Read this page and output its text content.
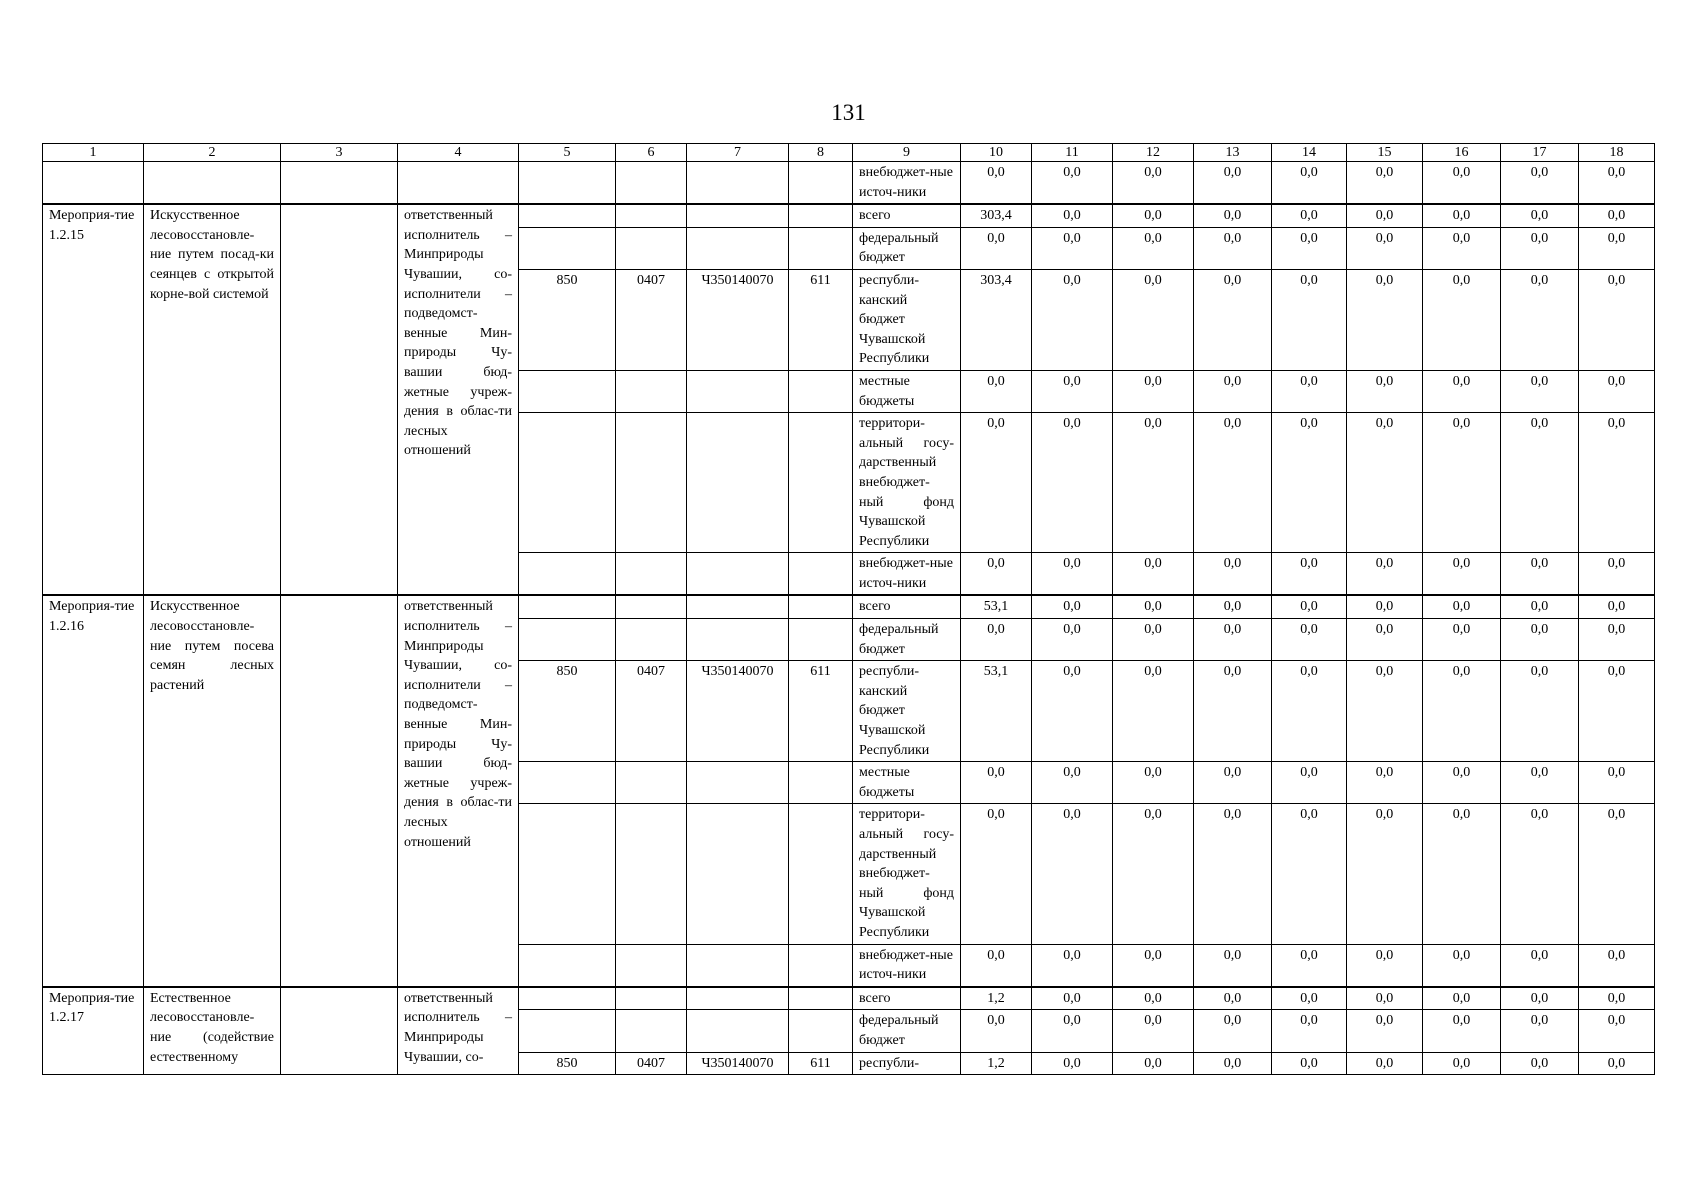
131
1	2	3	4	5	6	7	8	9	10	11	12	13	14	15	16	17	18
								внебюджет-ные источ-ники	0,0	0,0	0,0	0,0	0,0	0,0	0,0	0,0	0,0
Мероприя-тие 1.2.15	Искусственное лесовосстановле-ние путем посад-ки сеянцев с открытой корне-вой системой		ответственный исполнитель – Минприроды Чувашии, со-исполнители – подведомст-венные Мин-природы Чу-вашии бюд-жетные учреж-дения в облас-ти лесных отношений					всего	303,4	0,0	0,0	0,0	0,0	0,0	0,0	0,0	0,0
								федеральный бюджет	0,0	0,0	0,0	0,0	0,0	0,0	0,0	0,0	0,0
				850	0407	Ч350140070	611	республи-канский бюджет Чувашской Республики	303,4	0,0	0,0	0,0	0,0	0,0	0,0	0,0	0,0
								местные бюджеты	0,0	0,0	0,0	0,0	0,0	0,0	0,0	0,0	0,0
								территори-альный госу-дарственный внебюджет-ный фонд Чувашской Республики	0,0	0,0	0,0	0,0	0,0	0,0	0,0	0,0	0,0
								внебюджет-ные источ-ники	0,0	0,0	0,0	0,0	0,0	0,0	0,0	0,0	0,0
Мероприя-тие 1.2.16	Искусственное лесовосстановле-ние путем посева семян лесных растений		ответственный исполнитель – Минприроды Чувашии, со-исполнители – подведомст-венные Мин-природы Чу-вашии бюд-жетные учреж-дения в облас-ти лесных отношений					всего	53,1	0,0	0,0	0,0	0,0	0,0	0,0	0,0	0,0
								федеральный бюджет	0,0	0,0	0,0	0,0	0,0	0,0	0,0	0,0	0,0
				850	0407	Ч350140070	611	республи-канский бюджет Чувашской Республики	53,1	0,0	0,0	0,0	0,0	0,0	0,0	0,0	0,0
								местные бюджеты	0,0	0,0	0,0	0,0	0,0	0,0	0,0	0,0	0,0
								территори-альный госу-дарственный внебюджет-ный фонд Чувашской Республики	0,0	0,0	0,0	0,0	0,0	0,0	0,0	0,0	0,0
								внебюджет-ные источ-ники	0,0	0,0	0,0	0,0	0,0	0,0	0,0	0,0	0,0
Мероприя-тие 1.2.17	Естественное лесовосстановле-ние (содействие естественному		ответственный исполнитель – Минприроды Чувашии, со-					всего	1,2	0,0	0,0	0,0	0,0	0,0	0,0	0,0	0,0
								федеральный бюджет	0,0	0,0	0,0	0,0	0,0	0,0	0,0	0,0	0,0
				850	0407	Ч350140070	611	республи-	1,2	0,0	0,0	0,0	0,0	0,0	0,0	0,0	0,0
